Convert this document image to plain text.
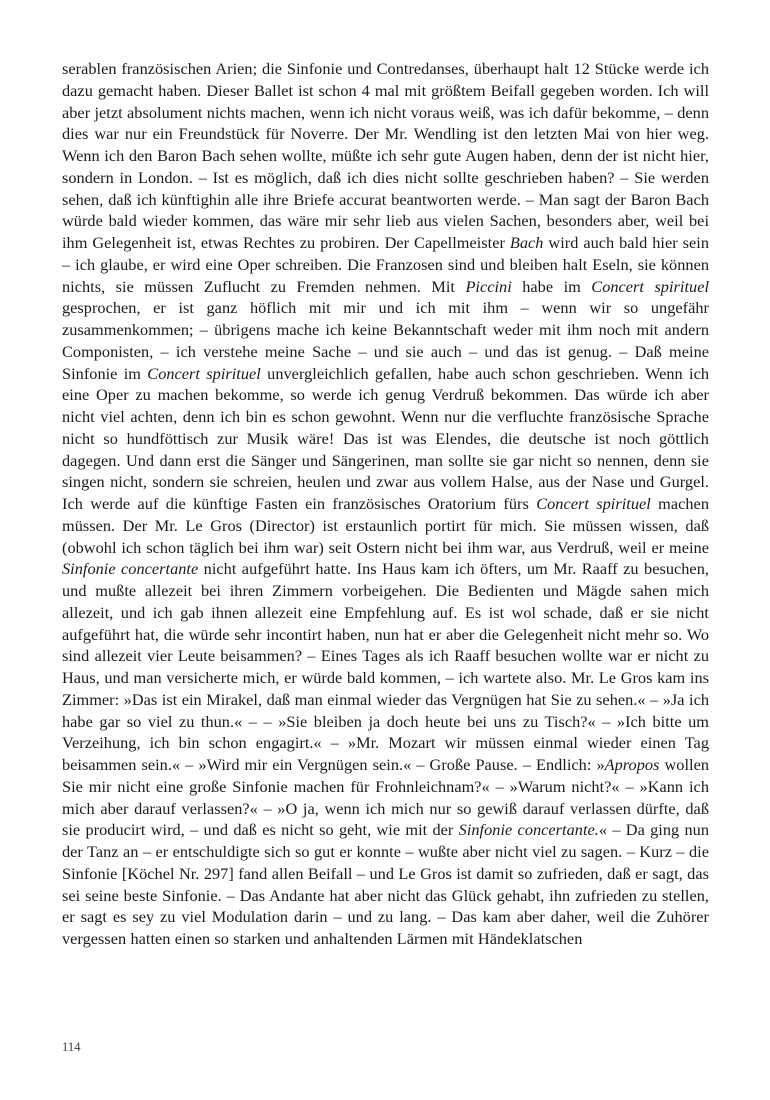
serablen französischen Arien; die Sinfonie und Contredanses, überhaupt halt 12 Stücke werde ich dazu gemacht haben. Dieser Ballet ist schon 4 mal mit größtem Beifall gegeben worden. Ich will aber jetzt absolument nichts machen, wenn ich nicht voraus weiß, was ich dafür bekomme, – denn dies war nur ein Freundstück für Noverre. Der Mr. Wendling ist den letzten Mai von hier weg. Wenn ich den Baron Bach sehen wollte, müßte ich sehr gute Augen haben, denn der ist nicht hier, sondern in London. – Ist es möglich, daß ich dies nicht sollte geschrieben haben? – Sie werden sehen, daß ich künftighin alle ihre Briefe accurat beantworten werde. – Man sagt der Baron Bach würde bald wieder kommen, das wäre mir sehr lieb aus vielen Sachen, besonders aber, weil bei ihm Gelegenheit ist, etwas Rechtes zu probiren. Der Capellmeister Bach wird auch bald hier sein – ich glaube, er wird eine Oper schreiben. Die Franzosen sind und bleiben halt Eseln, sie können nichts, sie müssen Zuflucht zu Fremden nehmen. Mit Piccini habe im Concert spirituel gesprochen, er ist ganz höflich mit mir und ich mit ihm – wenn wir so ungefähr zusammenkommen; – übrigens mache ich keine Bekanntschaft weder mit ihm noch mit andern Componisten, – ich verstehe meine Sache – und sie auch – und das ist genug. – Daß meine Sinfonie im Concert spirituel unvergleichlich gefallen, habe auch schon geschrieben. Wenn ich eine Oper zu machen bekomme, so werde ich genug Verdruß bekommen. Das würde ich aber nicht viel achten, denn ich bin es schon gewohnt. Wenn nur die verfluchte französische Sprache nicht so hundföttisch zur Musik wäre! Das ist was Elendes, die deutsche ist noch göttlich dagegen. Und dann erst die Sänger und Sängerinen, man sollte sie gar nicht so nennen, denn sie singen nicht, sondern sie schreien, heulen und zwar aus vollem Halse, aus der Nase und Gurgel. Ich werde auf die künftige Fasten ein französisches Oratorium fürs Concert spirituel machen müssen. Der Mr. Le Gros (Director) ist erstaunlich portirt für mich. Sie müssen wissen, daß (obwohl ich schon täglich bei ihm war) seit Ostern nicht bei ihm war, aus Verdruß, weil er meine Sinfonie concertante nicht aufgeführt hatte. Ins Haus kam ich öfters, um Mr. Raaff zu besuchen, und mußte allezeit bei ihren Zimmern vorbeigehen. Die Bedienten und Mägde sahen mich allezeit, und ich gab ihnen allezeit eine Empfehlung auf. Es ist wol schade, daß er sie nicht aufgeführt hat, die würde sehr incontirt haben, nun hat er aber die Gelegenheit nicht mehr so. Wo sind allezeit vier Leute beisammen? – Eines Tages als ich Raaff besuchen wollte war er nicht zu Haus, und man versicherte mich, er würde bald kommen, – ich wartete also. Mr. Le Gros kam ins Zimmer: »Das ist ein Mirakel, daß man einmal wieder das Vergnügen hat Sie zu sehen.« – »Ja ich habe gar so viel zu thun.« – – »Sie bleiben ja doch heute bei uns zu Tisch?« – »Ich bitte um Verzeihung, ich bin schon engagirt.« – »Mr. Mozart wir müssen einmal wieder einen Tag beisammen sein.« – »Wird mir ein Vergnügen sein.« – Große Pause. – Endlich: »Apropos wollen Sie mir nicht eine große Sinfonie machen für Frohnleichnam?« – »Warum nicht?« – »Kann ich mich aber darauf verlassen?« – »O ja, wenn ich mich nur so gewiß darauf verlassen dürfte, daß sie producirt wird, – und daß es nicht so geht, wie mit der Sinfonie concertante.« – Da ging nun der Tanz an – er entschuldigte sich so gut er konnte – wußte aber nicht viel zu sagen. – Kurz – die Sinfonie [Köchel Nr. 297] fand allen Beifall – und Le Gros ist damit so zufrieden, daß er sagt, das sei seine beste Sinfonie. – Das Andante hat aber nicht das Glück gehabt, ihn zufrieden zu stellen, er sagt es sey zu viel Modulation darin – und zu lang. – Das kam aber daher, weil die Zuhörer vergessen hatten einen so starken und anhaltenden Lärmen mit Händeklatschen

114
